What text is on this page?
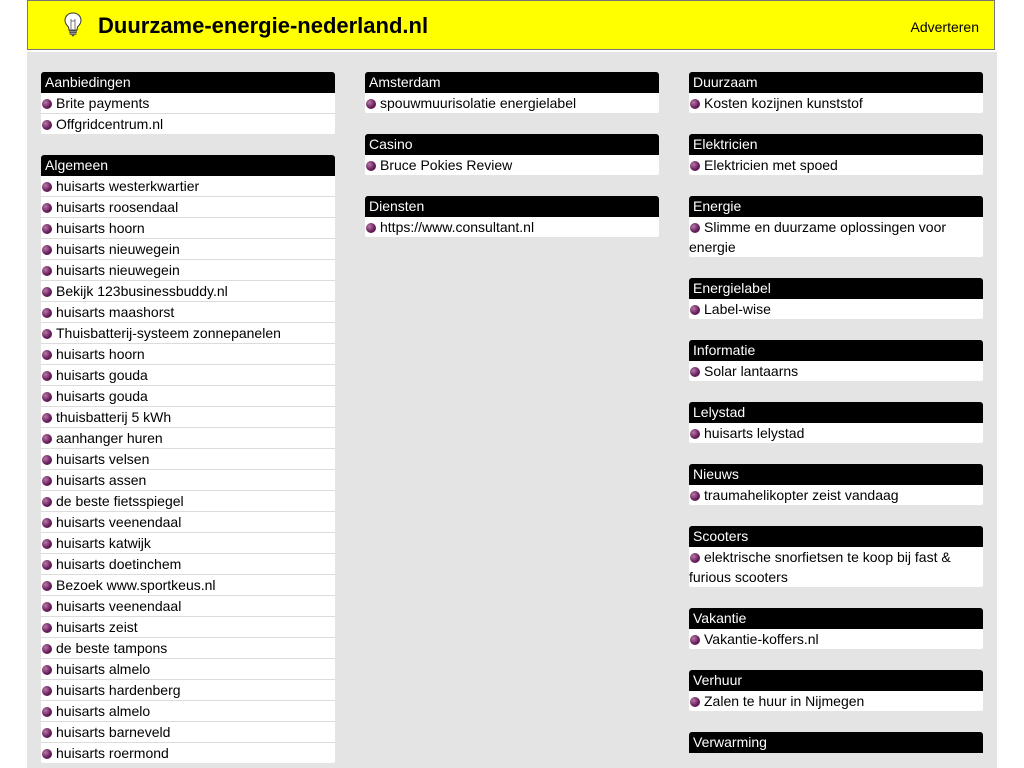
Duurzame-energie-nederland.nl	Adverteren
Aanbiedingen
Brite payments
Offgridcentrum.nl
Algemeen
huisarts westerkwartier
huisarts roosendaal
huisarts hoorn
huisarts nieuwegein
huisarts nieuwegein
Bekijk 123businessbuddy.nl
huisarts maashorst
Thuisbatterij-systeem zonnepanelen
huisarts hoorn
huisarts gouda
huisarts gouda
thuisbatterij 5 kWh
aanhanger huren
huisarts velsen
huisarts assen
de beste fietsspiegel
huisarts veenendaal
huisarts katwijk
huisarts doetinchem
Bezoek www.sportkeus.nl
huisarts veenendaal
huisarts zeist
de beste tampons
huisarts almelo
huisarts hardenberg
huisarts almelo
huisarts barneveld
huisarts roermond
Amsterdam
spouwmuurisolatie energielabel
Casino
Bruce Pokies Review
Diensten
https://www.consultant.nl
Duurzaam
Kosten kozijnen kunststof
Elektricien
Elektricien met spoed
Energie
Slimme en duurzame oplossingen voor energie
Energielabel
Label-wise
Informatie
Solar lantaarns
Lelystad
huisarts lelystad
Nieuws
traumahelikopter zeist vandaag
Scooters
elektrische snorfietsen te koop bij fast & furious scooters
Vakantie
Vakantie-koffers.nl
Verhuur
Zalen te huur in Nijmegen
Verwarming
